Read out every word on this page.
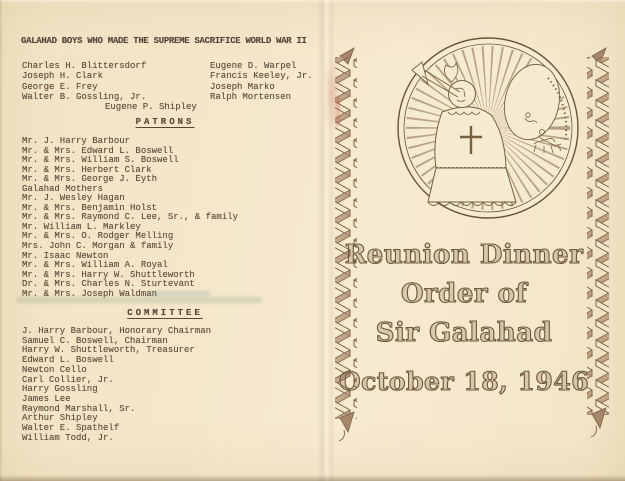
GALAHAD BOYS WHO MADE THE SUPREME SACRIFICE WORLD WAR II
Charles H. Blittersdorf
Joseph H. Clark
George E. Frey
Walter B. Gossling, Jr.
Eugene D. Warpel
Francis Keeley, Jr.
Joseph Marko
Ralph Mortensen
Eugene P. Shipley
PATRONS
Mr. J. Harry Barbour
Mr. & Mrs. Edward L. Boswell
Mr. & Mrs. William S. Boswell
Mr. & Mrs. Herbert Clark
Mr. & Mrs. George J. Eyth
Galahad Mothers
Mr. J. Wesley Hagan
Mr. & Mrs. Benjamin Holst
Mr. & Mrs. Raymond C. Lee, Sr., & family
Mr. William L. Markley
Mr. & Mrs. O. Rodger Melling
Mrs. John C. Morgan & family
Mr. Isaac Newton
Mr. & Mrs. William A. Royal
Mr. & Mrs. Harry W. Shuttleworth
Dr. & Mrs. Charles N. Sturtevant
Mr. & Mrs. Joseph Waldman
COMMITTEE
J. Harry Barbour, Honorary Chairman
Samuel C. Boswell, Chairman
Harry W. Shuttleworth, Treasurer
Edward L. Boswell
Newton Cello
Carl Collier, Jr.
Harry Gossling
James Lee
Raymond Marshall, Sr.
Arthur Shipley
Walter E. Spathelf
William Todd, Jr.
Reunion Dinner
Order of
Sir Galahad
October 18, 1946
